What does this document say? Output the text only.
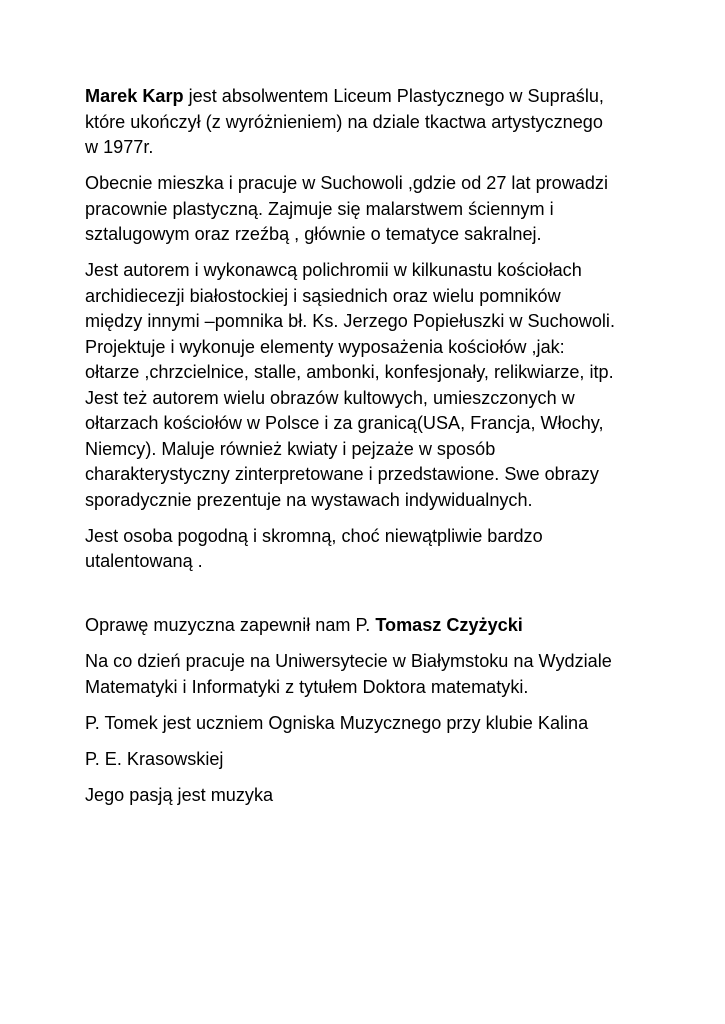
Marek Karp jest absolwentem Liceum Plastycznego w Supraślu,
które ukończył (z wyróżnieniem) na dziale tkactwa artystycznego
w 1977r.

Obecnie mieszka i pracuje w Suchowoli ,gdzie od 27 lat prowadzi
pracownie plastyczną. Zajmuje się malarstwem ściennym i
sztalugowym oraz rzeźbą , głównie o tematyce sakralnej.

Jest autorem i wykonawcą polichromii w kilkunastu kościołach
archidiecezji białostockiej i sąsiednich oraz wielu pomników
między innymi –pomnika bł. Ks. Jerzego Popiełuszki w Suchowoli.
Projektuje i wykonuje elementy wyposażenia kościołów ,jak:
ołtarze ,chrzcielnice, stalle, ambonki, konfesjonały, relikwiarze, itp.
Jest też autorem wielu obrazów kultowych, umieszczonych w
ołtarzach kościołów w Polsce i za granicą(USA, Francja, Włochy,
Niemcy). Maluje również kwiaty i pejzaże w sposób
charakterystyczny zinterpretowane i przedstawione. Swe obrazy
sporadycznie prezentuje na wystawach indywidualnych.

Jest osoba pogodną i skromną, choć niewątpliwie bardzo
utalentowaną .

Oprawę muzyczna zapewnił nam P. Tomasz Czyżycki

Na co dzień pracuje na Uniwersytecie w Białymstoku na Wydziale
Matematyki i Informatyki z tytułem Doktora matematyki.

P. Tomek jest uczniem Ogniska Muzycznego przy klubie Kalina

P. E. Krasowskiej

Jego pasją jest muzyka
